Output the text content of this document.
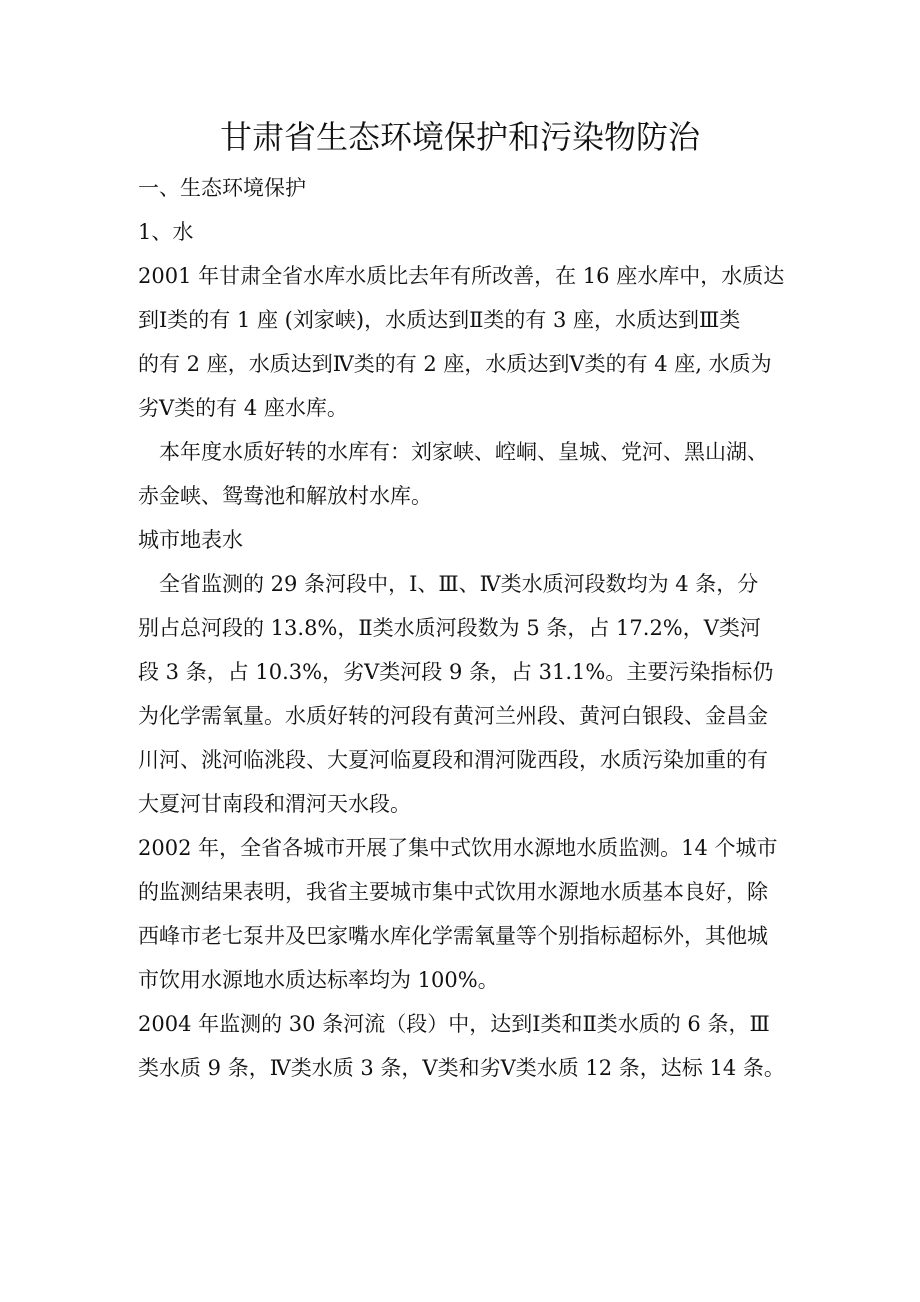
甘肃省生态环境保护和污染物防治
一、生态环境保护
1、水
2001 年甘肃全省水库水质比去年有所改善，在 16 座水库中，水质达
到Ⅰ类的有 1 座 (刘家峡)，水质达到Ⅱ类的有 3 座，水质达到Ⅲ类
的有 2 座，水质达到Ⅳ类的有 2 座，水质达到Ⅴ类的有 4 座, 水质为
劣Ⅴ类的有 4 座水库。
本年度水质好转的水库有：刘家峡、崆峒、皇城、党河、黑山湖、
赤金峡、鸳鸯池和解放村水库。
城市地表水
全省监测的 29 条河段中，Ⅰ、Ⅲ、Ⅳ类水质河段数均为 4 条，分
别占总河段的 13.8%，Ⅱ类水质河段数为 5 条，占 17.2%，Ⅴ类河
段 3 条，占 10.3%，劣Ⅴ类河段 9 条，占 31.1%。主要污染指标仍
为化学需氧量。水质好转的河段有黄河兰州段、黄河白银段、金昌金
川河、洮河临洮段、大夏河临夏段和渭河陇西段，水质污染加重的有
大夏河甘南段和渭河天水段。
2002 年，全省各城市开展了集中式饮用水源地水质监测。14 个城市
的监测结果表明，我省主要城市集中式饮用水源地水质基本良好，除
西峰市老七泵井及巴家嘴水库化学需氧量等个别指标超标外，其他城
市饮用水源地水质达标率均为 100%。
2004 年监测的 30 条河流（段）中，达到Ⅰ类和Ⅱ类水质的 6 条，Ⅲ
类水质 9 条，Ⅳ类水质 3 条，Ⅴ类和劣Ⅴ类水质 12 条，达标 14 条。
